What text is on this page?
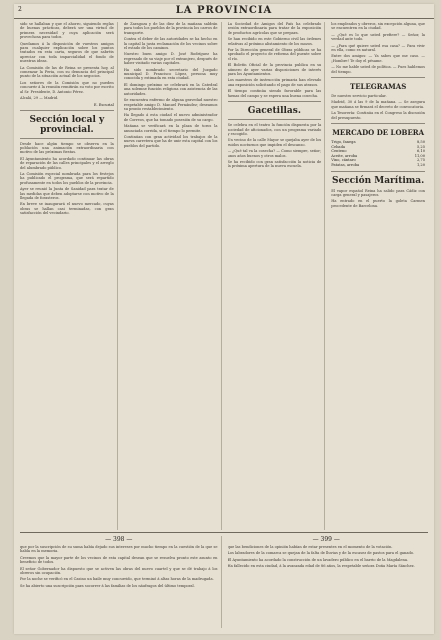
2	LA PROVINCIA

sido se hallaban y que el ahorro, siguiendo reglas de buenas prácticas, deberá ser una virtud de primera necesidad y cuya aplicación será provechosa para todos.

Quedamos á la disposición de vuestros amigos para cualquier explicación sobre los puntos tratados en esta carta, seguros de que sabréis apreciar con toda imparcialidad el fondo de nuestras ideas.

La Comisión de las de Reina se presenta hoy, al comenzar la Feria, con su denuncia del principal punto de la situación actual de los negocios.

Los señores de la Comisión que no pueden concurrir á la reunión remitirán su voto por escrito al Sr. Presidente, D. Antonio Pérez.

Alcalá, 29 — Madrid.

E. Escurial
Sección local y provincial.

Desde hace algún tiempo se observa en la población una animación extraordinaria con motivo de las próximas fiestas.

El Ayuntamiento ha acordado continuar las obras de reparación de las calles principales y el arreglo del alumbrado público.

La Comisión especial nombrada para los festejos ha publicado el programa, que será repartido profusamente en todos los pueblos de la provincia.

Ayer se reunió la Junta de Sanidad para tratar de las medidas que deben adoptarse con motivo de la llegada de forasteros.

En breve se inaugurará el nuevo mercado, cuyas obras se hallan casi terminadas, con gran satisfacción del vecindario.

de Zaragoza y de las diez de la mañana saldrán para todos los pueblos de la provincia los carros de transporte.

Contra el deber de las autoridades se ha hecho en la capital la justa reclamación de los vecinos sobre el estado de los caminos.

Nuestro buen amigo D. José Rodríguez ha regresado de su viaje por el extranjero, después de haber visitado varias capitales.

Ha sido nombrado secretario del Juzgado municipal D. Francisco López, persona muy conocida y estimada en esta ciudad.

El domingo próximo se celebrará en la Catedral una solemne función religiosa con asistencia de las autoridades.

Se encuentra enfermo de alguna gravedad nuestro respetable amigo D. Manuel Fernández; deseamos su pronto restablecimiento.

Ha llegado á esta ciudad el nuevo administrador de Correos, que ha tomado posesión de su cargo.

Mañana se verificará en la plaza de toros la anunciada corrida, si el tiempo lo permite.

Continúan con gran actividad los trabajos de la nueva carretera que ha de unir esta capital con los pueblos del partido.

La Sociedad de Amigos del País ha celebrado sesión extraordinaria para tratar de la exposición de productos agrícolas que se prepara.

Se han recibido en este Gobierno civil las órdenes relativas al próximo alistamiento de los mozos.

Por la Dirección general de Obras públicas se ha aprobado el proyecto de reforma del puente sobre el río.

El Boletín Oficial de la provincia publica en su número de ayer varias disposiciones de interés para los Ayuntamientos.

Los maestros de instrucción primaria han elevado una exposición solicitando el pago de sus atrasos.

El tiempo continúa siendo favorable para las faenas del campo y se espera una buena cosecha.

Gacetillas.

Se celebra en el teatro la función dispuesta por la sociedad de aficionados, con un programa variado y escogido.

Un vecino de la calle Mayor se quejaba ayer de los ruidos nocturnos que impiden el descanso.

— ¿Qué tal va la cosecha? — Como siempre, señor; unos años buenos y otros malos.

Se ha recibido con gran satisfacción la noticia de la próxima apertura de la nueva escuela.

los empleados y obreros, sin excepción alguna, que se encuentren en la ciudad.

— ¿Qué es lo que usted prefiere? — Señor, la verdad ante todo.

— ¿Para qué quiere usted esa casa? — Para vivir en ella, como es natural.

Entre dos amigos: — Ya sabes que me caso. — ¡Hombre! Te doy el pésame.

— No me hable usted de política. — Pues hablemos del tiempo.

TELEGRAMAS

De nuestro servicio particular.

Madrid, 30 á las 9 de la mañana. — Se asegura que mañana se firmará el decreto de convocatoria.

La Tesorería: Continúa en el Congreso la discusión del presupuesto.

MERCADO DE LOBERA
Trigo, fanega	8,50
Cebada	5,25
Centeno	6,10
Aceite, arroba	11,00
Vino, cántaro	2,75
Patatas, arroba	1,20
Sección Marítima.

El vapor español Reina ha salido para Cádiz con carga general y pasajeros.

Ha entrado en el puerto la goleta Carmen procedente de Barcelona.

— 398 —

que por la suscripción de su suma había dejado sus intereses por mucho tiempo en la cuestión de la que se habla en la memoria.

Creemos que la mayor parte de los vecinos de esta capital desean que se resuelva pronto este asunto en beneficio de todos.

El señor Gobernador ha dispuesto que se activen las obras del nuevo cuartel y que se dé trabajo á los obreros sin ocupación.

Por la noche se verificó en el Casino un baile muy concurrido, que terminó á altas horas de la madrugada.

Se ha abierto una suscripción para socorrer á las familias de los náufragos del último temporal.

— 399 —

que las bendiciones de la opinión habían de estar presentes en el momento de la votación.

Los labradores de la comarca se quejan de la falta de lluvias y de la escasez de pastos para el ganado.

El Ayuntamiento ha acordado la construcción de un lavadero público en el barrio de la Magdalena.

Ha fallecido en esta ciudad, á la avanzada edad de 86 años, la respetable señora Doña María Sánchez.
